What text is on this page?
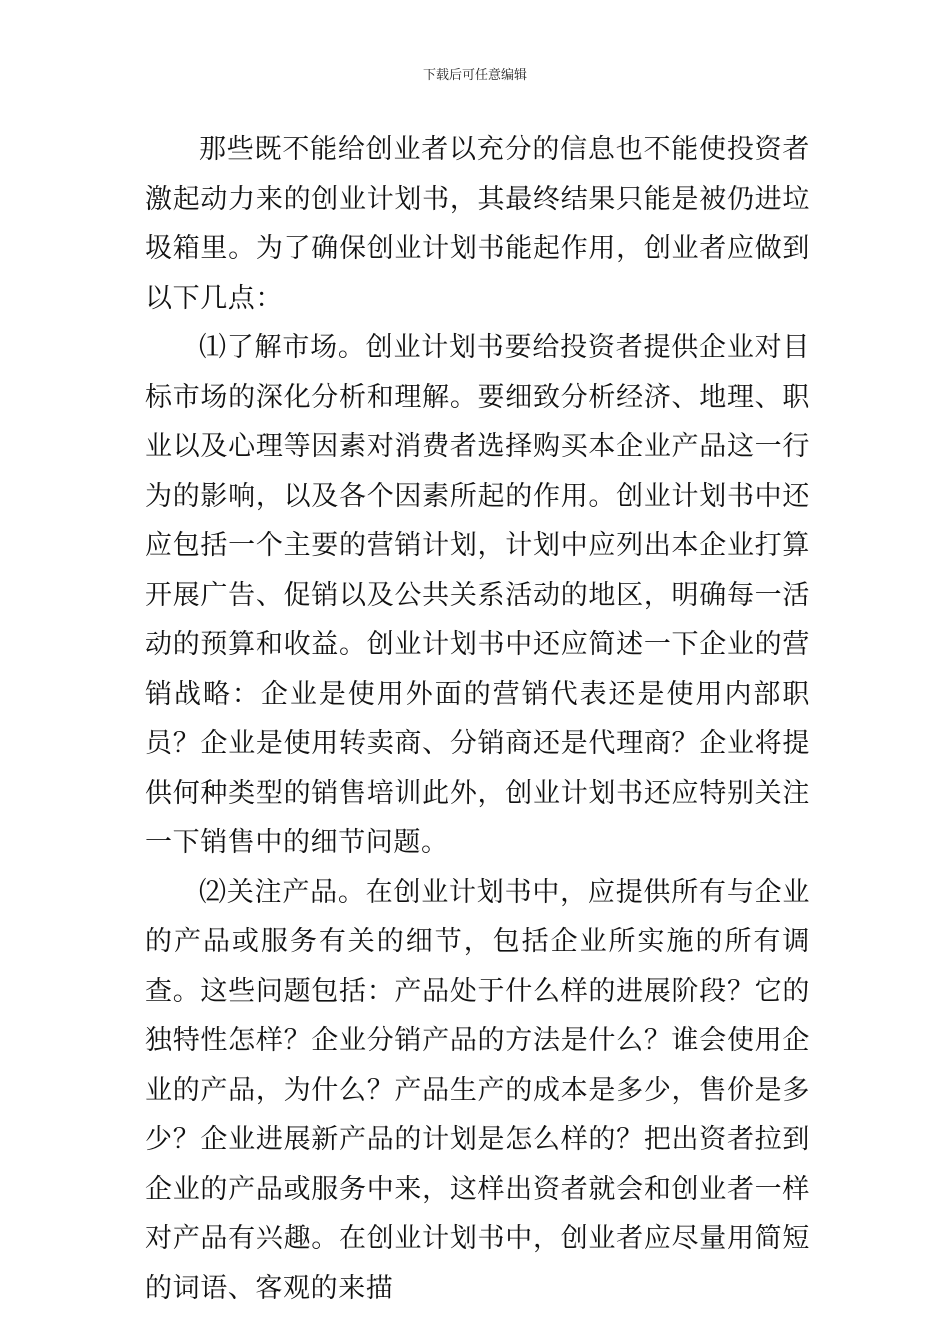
下载后可任意编辑

那些既不能给创业者以充分的信息也不能使投资者激起动力来的创业计划书，其最终结果只能是被仍进垃圾箱里。为了确保创业计划书能起作用，创业者应做到以下几点：

⑴了解市场。创业计划书要给投资者提供企业对目标市场的深化分析和理解。要细致分析经济、地理、职业以及心理等因素对消费者选择购买本企业产品这一行为的影响，以及各个因素所起的作用。创业计划书中还应包括一个主要的营销计划，计划中应列出本企业打算开展广告、促销以及公共关系活动的地区，明确每一活动的预算和收益。创业计划书中还应简述一下企业的营销战略：企业是使用外面的营销代表还是使用内部职员？企业是使用转卖商、分销商还是代理商？企业将提供何种类型的销售培训此外，创业计划书还应特别关注一下销售中的细节问题。

⑵关注产品。在创业计划书中，应提供所有与企业的产品或服务有关的细节，包括企业所实施的所有调查。这些问题包括：产品处于什么样的进展阶段？它的独特性怎样？企业分销产品的方法是什么？谁会使用企业的产品，为什么？产品生产的成本是多少，售价是多少？企业进展新产品的计划是怎么样的？把出资者拉到企业的产品或服务中来，这样出资者就会和创业者一样对产品有兴趣。在创业计划书中，创业者应尽量用简短的词语、客观的来描
